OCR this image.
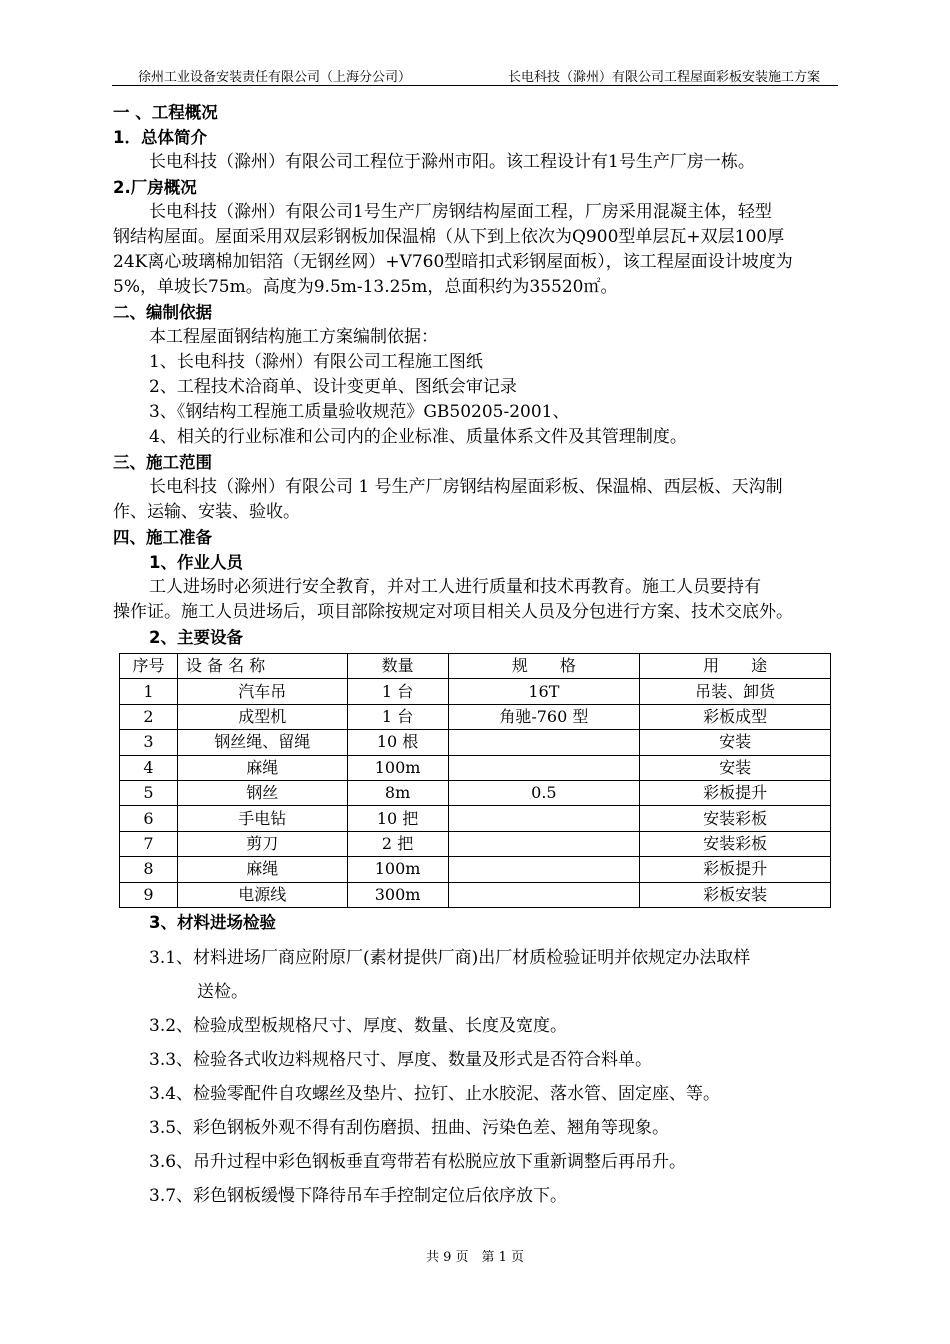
徐州工业设备安装责任有限公司（上海分公司）	长电科技（滁州）有限公司工程屋面彩板安装施工方案
一 、工程概况
1．总体简介
长电科技（滁州）有限公司工程位于滁州市阳。该工程设计有1号生产厂房一栋。
2.厂房概况
长电科技（滁州）有限公司1号生产厂房钢结构屋面工程，厂房采用混凝主体，轻型
钢结构屋面。屋面采用双层彩钢板加保温棉（从下到上依次为Q900型单层瓦+双层100厚
24K离心玻璃棉加铝箔（无钢丝网）+V760型暗扣式彩钢屋面板），该工程屋面设计坡度为
5%，单坡长75m。高度为9.5m-13.25m，总面积约为35520㎡。
二、编制依据
本工程屋面钢结构施工方案编制依据：
1、长电科技（滁州）有限公司工程施工图纸
2、工程技术洽商单、设计变更单、图纸会审记录
3、《钢结构工程施工质量验收规范》GB50205-2001、
4、相关的行业标准和公司内的企业标准、质量体系文件及其管理制度。
三、施工范围
长电科技（滁州）有限公司 1 号生产厂房钢结构屋面彩板、保温棉、西层板、天沟制
作、运输、安装、验收。
四、施工准备
1、作业人员
工人进场时必须进行安全教育，并对工人进行质量和技术再教育。施工人员要持有
操作证。施工人员进场后，项目部除按规定对项目相关人员及分包进行方案、技术交底外。
2、主要设备
序号	设 备 名 称	数量	规　　格	用　　途
1	汽车吊	1 台	16T	吊装、卸货
2	成型机	1 台	角驰-760 型	彩板成型
3	钢丝绳、留绳	10 根		安装
4	麻绳	100m		安装
5	钢丝	8m	0.5	彩板提升
6	手电钻	10 把		安装彩板
7	剪刀	2 把		安装彩板
8	麻绳	100m		彩板提升
9	电源线	300m		彩板安装
3、材料进场检验
3.1、材料进场厂商应附原厂(素材提供厂商)出厂材质检验证明并依规定办法取样
送检。
3.2、检验成型板规格尺寸、厚度、数量、长度及宽度。
3.3、检验各式收边料规格尺寸、厚度、数量及形式是否符合料单。
3.4、检验零配件自攻螺丝及垫片、拉钉、止水胶泥、落水管、固定座、等。
3.5、彩色钢板外观不得有刮伤磨损、扭曲、污染色差、翘角等现象。
3.6、吊升过程中彩色钢板垂直弯带若有松脱应放下重新调整后再吊升。
3.7、彩色钢板缓慢下降待吊车手控制定位后依序放下。
共 9 页　第 1 页
